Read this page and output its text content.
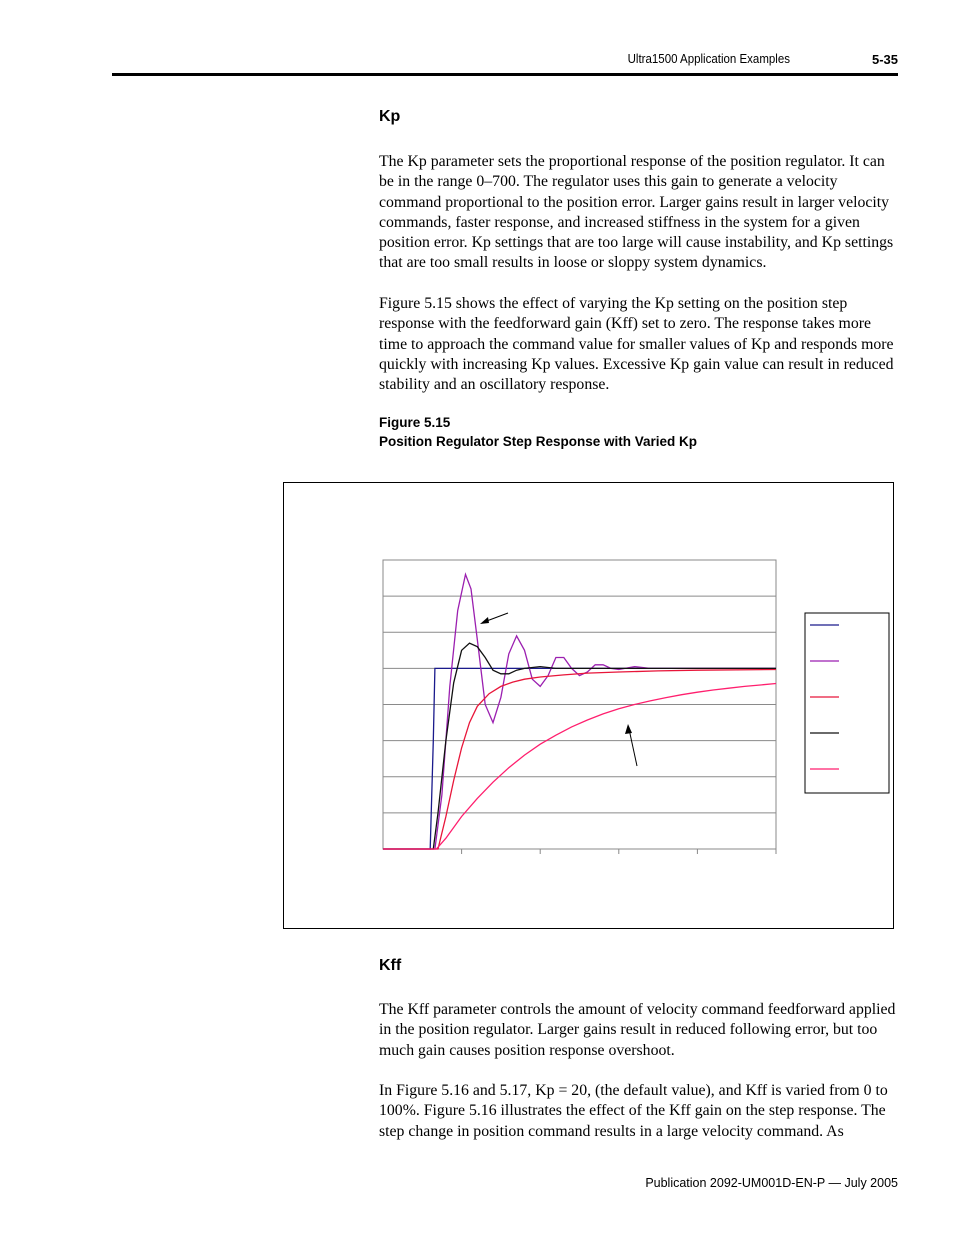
Ultra1500 Application Examples	5-35
Kp

The Kp parameter sets the proportional response of the position regulator. It can be in the range 0–700. The regulator uses this gain to generate a velocity command proportional to the position error. Larger gains result in larger velocity commands, faster response, and increased stiffness in the system for a given position error. Kp settings that are too large will cause instability, and Kp settings that are too small results in loose or sloppy system dynamics.

Figure 5.15 shows the effect of varying the Kp setting on the position step response with the feedforward gain (Kff) set to zero. The response takes more time to approach the command value for smaller values of Kp and responds more quickly with increasing Kp values. Excessive Kp gain value can result in reduced stability and an oscillatory response.

Figure 5.15
Position Regulator Step Response with Varied Kp
Kff

The Kff parameter controls the amount of velocity command feedforward applied in the position regulator. Larger gains result in reduced following error, but too much gain causes position response overshoot.

In Figure 5.16 and 5.17, Kp = 20, (the default value), and Kff is varied from 0 to 100%. Figure 5.16 illustrates the effect of the Kff gain on the step response. The step change in position command results in a large velocity command. As

Publication 2092-UM001D-EN-P — July 2005
